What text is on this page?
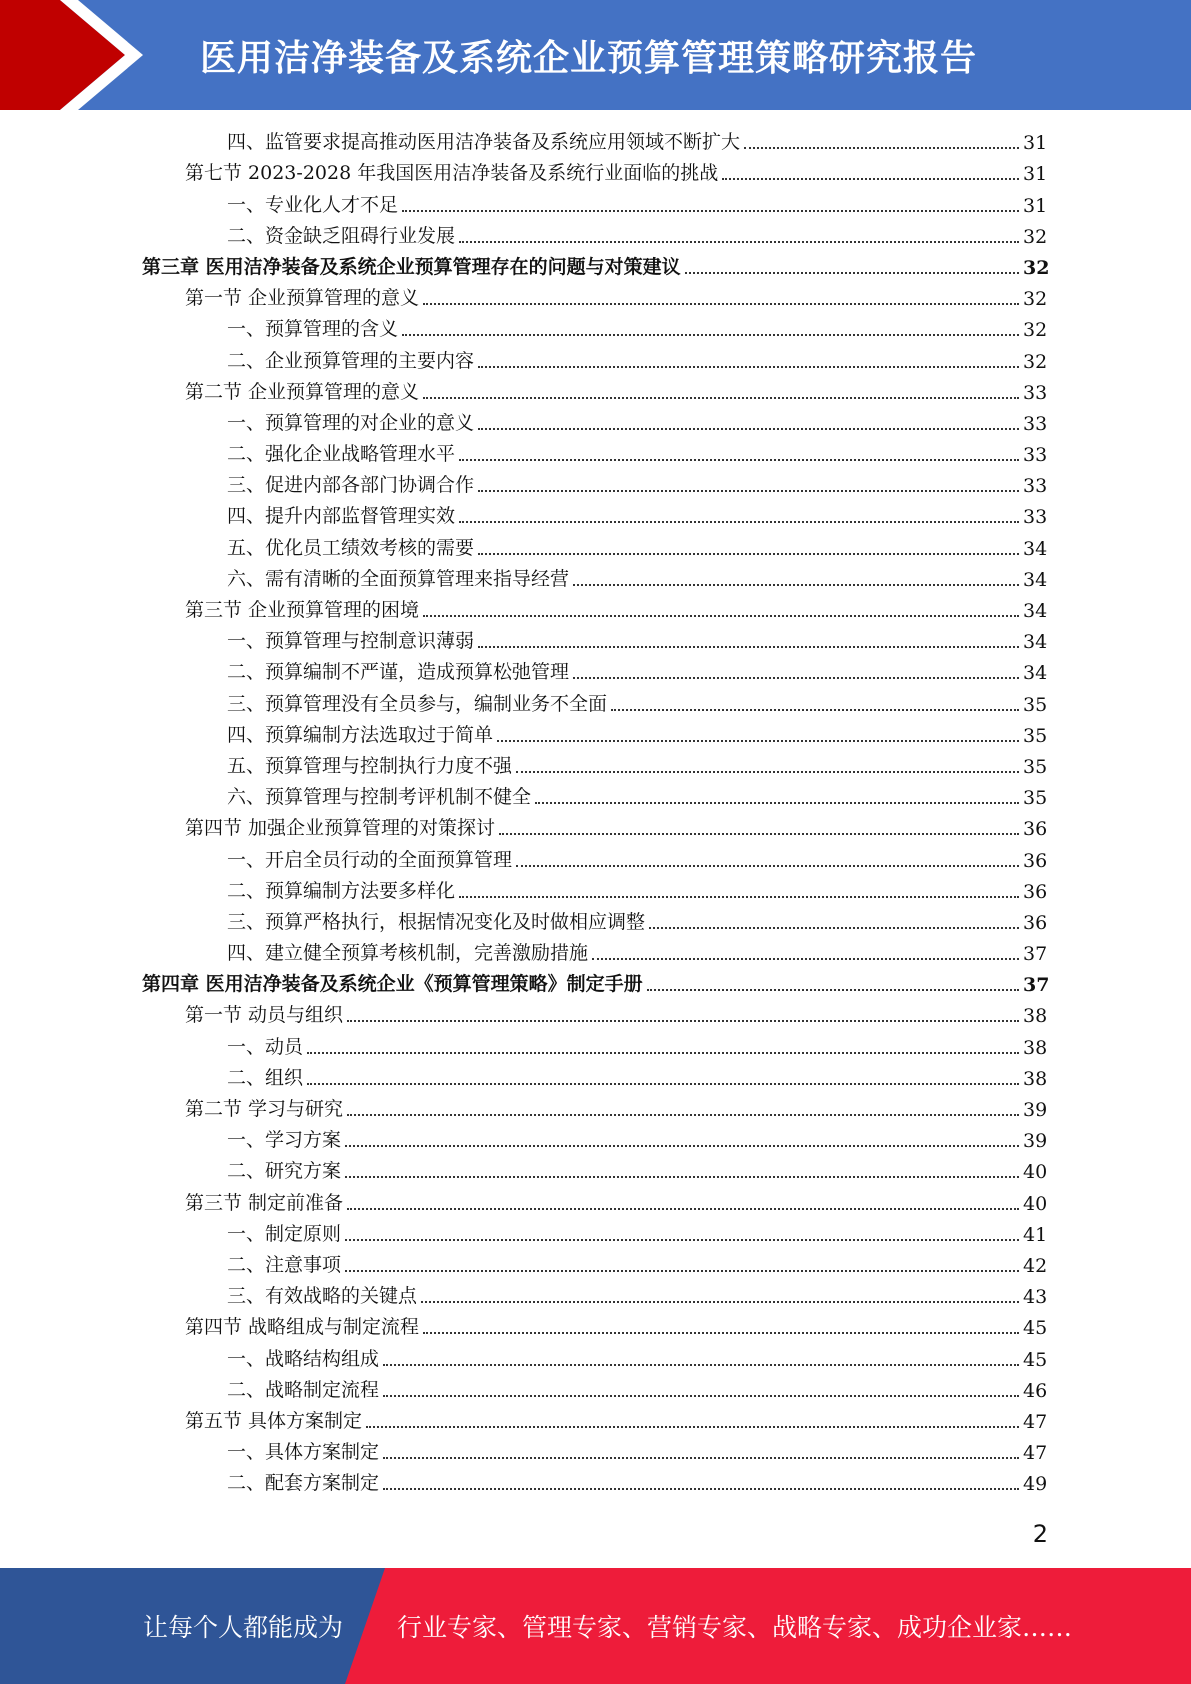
医用洁净装备及系统企业预算管理策略研究报告
四、监管要求提高推动医用洁净装备及系统应用领域不断扩大	31
第七节 2023-2028 年我国医用洁净装备及系统行业面临的挑战	31
一、专业化人才不足	31
二、资金缺乏阻碍行业发展	32
第三章 医用洁净装备及系统企业预算管理存在的问题与对策建议	32
第一节 企业预算管理的意义	32
一、预算管理的含义	32
二、企业预算管理的主要内容	32
第二节 企业预算管理的意义	33
一、预算管理的对企业的意义	33
二、强化企业战略管理水平	33
三、促进内部各部门协调合作	33
四、提升内部监督管理实效	33
五、优化员工绩效考核的需要	34
六、需有清晰的全面预算管理来指导经营	34
第三节 企业预算管理的困境	34
一、预算管理与控制意识薄弱	34
二、预算编制不严谨，造成预算松弛管理	34
三、预算管理没有全员参与，编制业务不全面	35
四、预算编制方法选取过于简单	35
五、预算管理与控制执行力度不强	35
六、预算管理与控制考评机制不健全	35
第四节 加强企业预算管理的对策探讨	36
一、开启全员行动的全面预算管理	36
二、预算编制方法要多样化	36
三、预算严格执行，根据情况变化及时做相应调整	36
四、建立健全预算考核机制，完善激励措施	37
第四章 医用洁净装备及系统企业《预算管理策略》制定手册	37
第一节 动员与组织	38
一、动员	38
二、组织	38
第二节 学习与研究	39
一、学习方案	39
二、研究方案	40
第三节 制定前准备	40
一、制定原则	41
二、注意事项	42
三、有效战略的关键点	43
第四节 战略组成与制定流程	45
一、战略结构组成	45
二、战略制定流程	46
第五节 具体方案制定	47
一、具体方案制定	47
二、配套方案制定	49
2
让每个人都能成为 行业专家、管理专家、营销专家、战略专家、成功企业家……
